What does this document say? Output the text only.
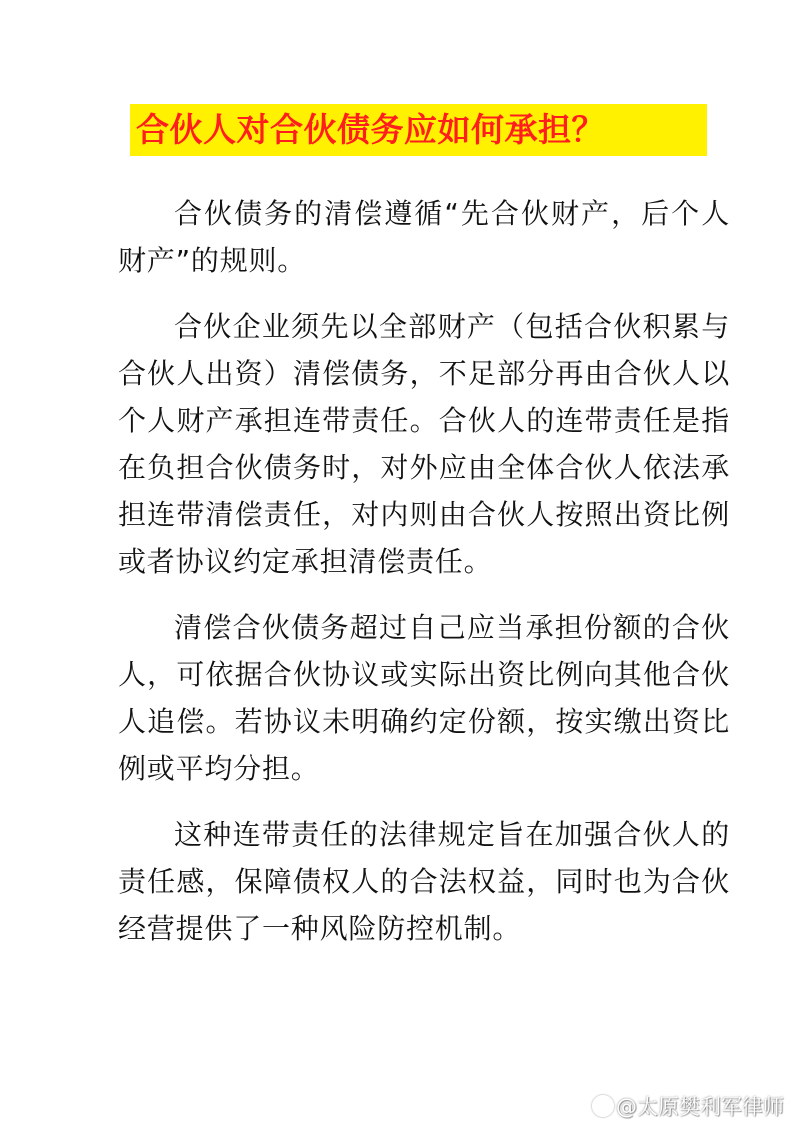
合伙人对合伙债务应如何承担？

合伙债务的清偿遵循“先合伙财产，后个人财产”的规则。

合伙企业须先以全部财产（包括合伙积累与合伙人出资）清偿债务，不足部分再由合伙人以个人财产承担连带责任。合伙人的连带责任是指在负担合伙债务时，对外应由全体合伙人依法承担连带清偿责任，对内则由合伙人按照出资比例或者协议约定承担清偿责任。

清偿合伙债务超过自己应当承担份额的合伙人，可依据合伙协议或实际出资比例向其他合伙人追偿。若协议未明确约定份额，按实缴出资比例或平均分担。

这种连带责任的法律规定旨在加强合伙人的责任感，保障债权人的合法权益，同时也为合伙经营提供了一种风险防控机制。

@太原樊利军律师
